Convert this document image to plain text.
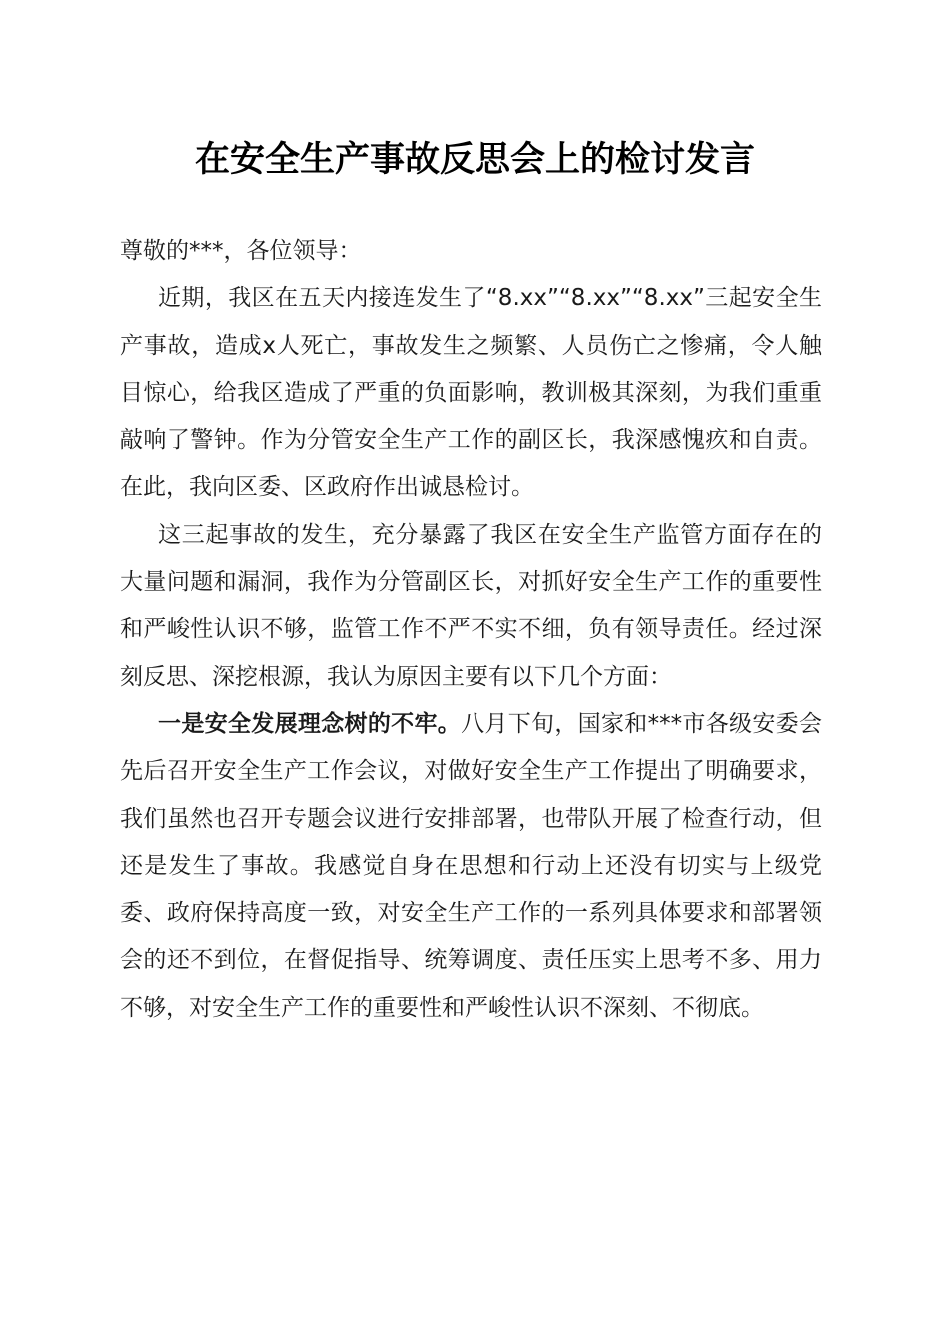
在安全生产事故反思会上的检讨发言

尊敬的***，各位领导：

近期，我区在五天内接连发生了“8.xx”“8.xx”“8.xx”三起安全生产事故，造成x人死亡，事故发生之频繁、人员伤亡之惨痛，令人触目惊心，给我区造成了严重的负面影响，教训极其深刻，为我们重重敲响了警钟。作为分管安全生产工作的副区长，我深感愧疚和自责。在此，我向区委、区政府作出诚恳检讨。

这三起事故的发生，充分暴露了我区在安全生产监管方面存在的大量问题和漏洞，我作为分管副区长，对抓好安全生产工作的重要性和严峻性认识不够，监管工作不严不实不细，负有领导责任。经过深刻反思、深挖根源，我认为原因主要有以下几个方面：

一是安全发展理念树的不牢。八月下旬，国家和***市各级安委会先后召开安全生产工作会议，对做好安全生产工作提出了明确要求，我们虽然也召开专题会议进行安排部署，也带队开展了检查行动，但还是发生了事故。我感觉自身在思想和行动上还没有切实与上级党委、政府保持高度一致，对安全生产工作的一系列具体要求和部署领会的还不到位，在督促指导、统筹调度、责任压实上思考不多、用力不够，对安全生产工作的重要性和严峻性认识不深刻、不彻底。
